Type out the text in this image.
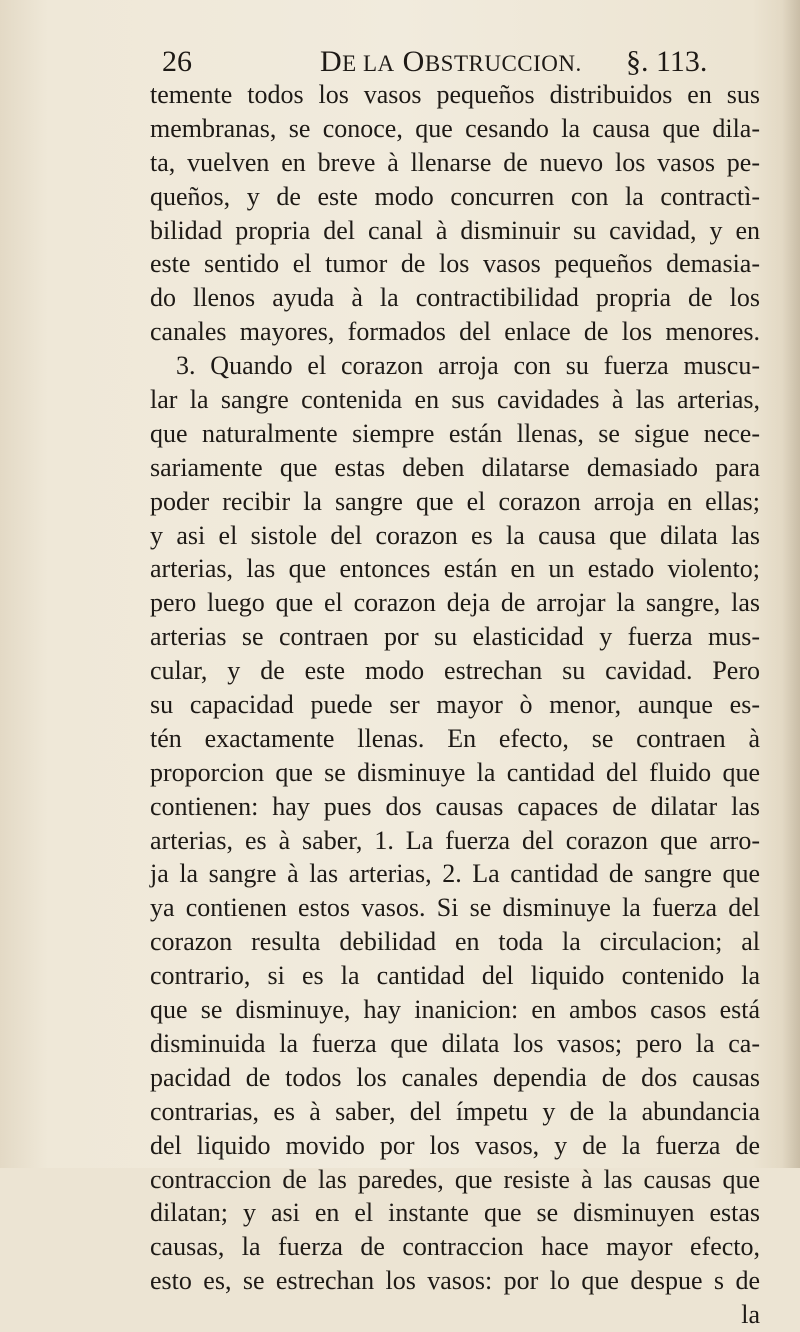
26	DE LA OBSTRUCCION. §. 113.
temente todos los vasos pequeños distribuidos en sus
membranas, se conoce, que cesando la causa que dila-
ta, vuelven en breve à llenarse de nuevo los vasos pe-
queños, y de este modo concurren con la contractì-
bilidad propria del canal à disminuir su cavidad, y en
este sentido el tumor de los vasos pequeños demasia-
do llenos ayuda à la contractibilidad propria de los
canales mayores, formados del enlace de los menores.
3. Quando el corazon arroja con su fuerza muscu-
lar la sangre contenida en sus cavidades à las arterias,
que naturalmente siempre están llenas, se sigue nece-
sariamente que estas deben dilatarse demasiado para
poder recibir la sangre que el corazon arroja en ellas;
y asi el sistole del corazon es la causa que dilata las
arterias, las que entonces están en un estado violento;
pero luego que el corazon deja de arrojar la sangre, las
arterias se contraen por su elasticidad y fuerza mus-
cular, y de este modo estrechan su cavidad. Pero
su capacidad puede ser mayor ò menor, aunque es-
tén exactamente llenas. En efecto, se contraen à
proporcion que se disminuye la cantidad del fluido que
contienen: hay pues dos causas capaces de dilatar las
arterias, es à saber, 1. La fuerza del corazon que arro-
ja la sangre à las arterias, 2. La cantidad de sangre que
ya contienen estos vasos. Si se disminuye la fuerza del
corazon resulta debilidad en toda la circulacion; al
contrario, si es la cantidad del liquido contenido la
que se disminuye, hay inanicion: en ambos casos está
disminuida la fuerza que dilata los vasos; pero la ca-
pacidad de todos los canales dependia de dos causas
contrarias, es à saber, del ímpetu y de la abundancia
del liquido movido por los vasos, y de la fuerza de
contraccion de las paredes, que resiste à las causas que
dilatan; y asi en el instante que se disminuyen estas
causas, la fuerza de contraccion hace mayor efecto,
esto es, se estrechan los vasos: por lo que despue s de
la
